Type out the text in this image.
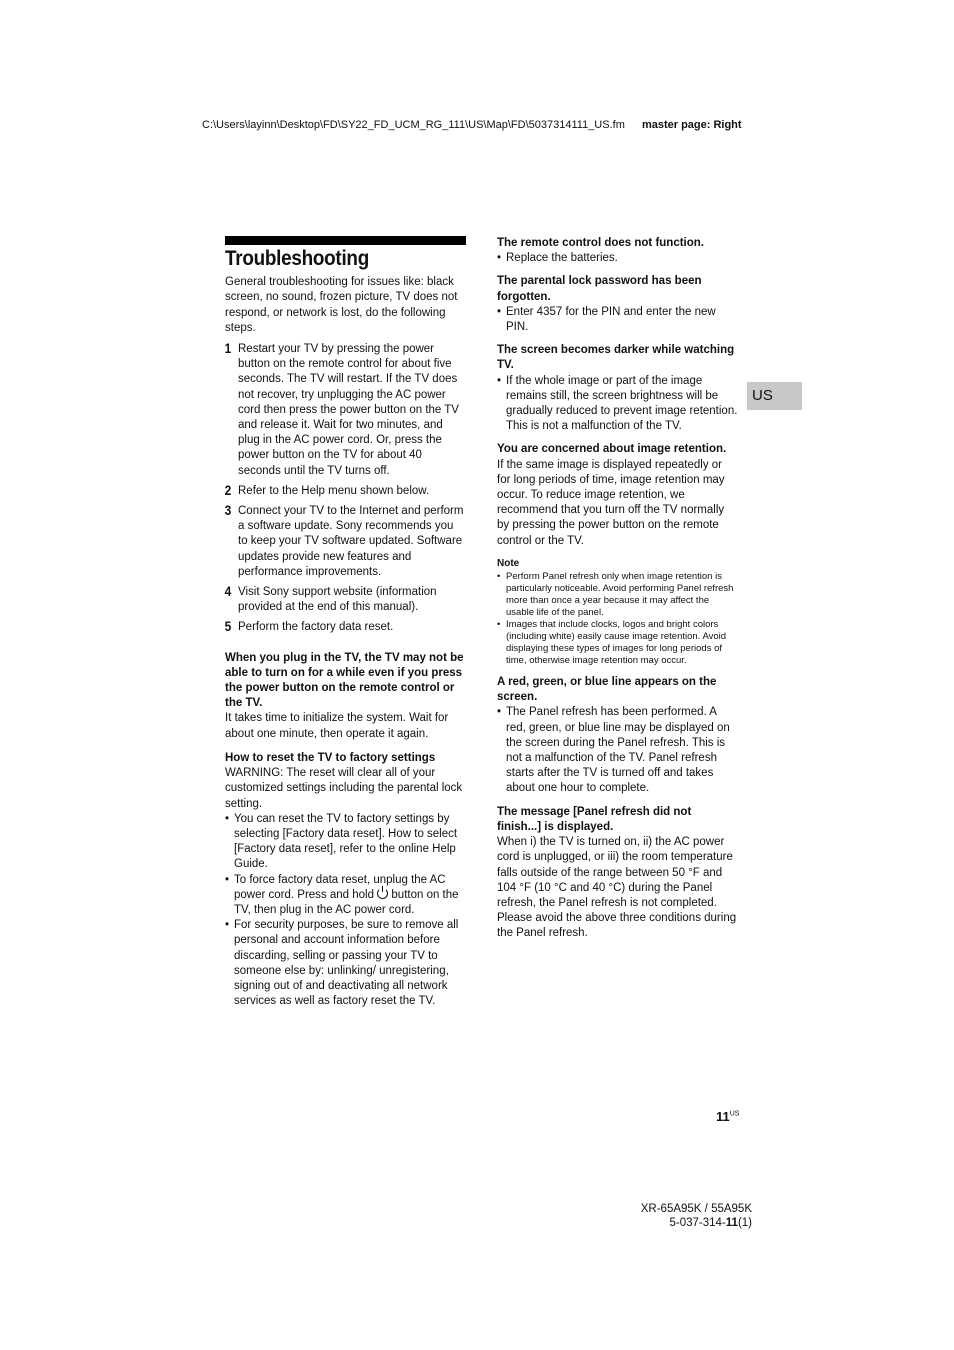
C:\Users\layinn\Desktop\FD\SY22_FD_UCM_RG_111\US\Map\FD\5037314111_US.fm master page: Right
Troubleshooting

General troubleshooting for issues like: black screen, no sound, frozen picture, TV does not respond, or network is lost, do the following steps.

1 Restart your TV by pressing the power button on the remote control for about five seconds. The TV will restart. If the TV does not recover, try unplugging the AC power cord then press the power button on the TV and release it. Wait for two minutes, and plug in the AC power cord. Or, press the power button on the TV for about 40 seconds until the TV turns off.
2 Refer to the Help menu shown below.
3 Connect your TV to the Internet and perform a software update. Sony recommends you to keep your TV software updated. Software updates provide new features and performance improvements.
4 Visit Sony support website (information provided at the end of this manual).
5 Perform the factory data reset.

When you plug in the TV, the TV may not be able to turn on for a while even if you press the power button on the remote control or the TV.

It takes time to initialize the system. Wait for about one minute, then operate it again.

How to reset the TV to factory settings

WARNING: The reset will clear all of your customized settings including the parental lock setting.

• You can reset the TV to factory settings by selecting [Factory data reset]. How to select [Factory data reset], refer to the online Help Guide.
• To force factory data reset, unplug the AC power cord. Press and hold button on the TV, then plug in the AC power cord.
• For security purposes, be sure to remove all personal and account information before discarding, selling or passing your TV to someone else by: unlinking/ unregistering, signing out of and deactivating all network services as well as factory reset the TV.

The remote control does not function.

• Replace the batteries.

The parental lock password has been forgotten.

• Enter 4357 for the PIN and enter the new PIN.

The screen becomes darker while watching TV.

• If the whole image or part of the image remains still, the screen brightness will be gradually reduced to prevent image retention. This is not a malfunction of the TV.

You are concerned about image retention.

If the same image is displayed repeatedly or for long periods of time, image retention may occur. To reduce image retention, we recommend that you turn off the TV normally by pressing the power button on the remote control or the TV.

Note

• Perform Panel refresh only when image retention is particularly noticeable. Avoid performing Panel refresh more than once a year because it may affect the usable life of the panel.
• Images that include clocks, logos and bright colors (including white) easily cause image retention. Avoid displaying these types of images for long periods of time, otherwise image retention may occur.

A red, green, or blue line appears on the screen.

• The Panel refresh has been performed. A red, green, or blue line may be displayed on the screen during the Panel refresh. This is not a malfunction of the TV. Panel refresh starts after the TV is turned off and takes about one hour to complete.

The message [Panel refresh did not finish...] is displayed.

When i) the TV is turned on, ii) the AC power cord is unplugged, or iii) the room temperature falls outside of the range between 50 °F and 104 °F (10 °C and 40 °C) during the Panel refresh, the Panel refresh is not completed. Please avoid the above three conditions during the Panel refresh.

US
$11^{US}$
XR-65A95K / 55A95K
5-037-314-11(1)
